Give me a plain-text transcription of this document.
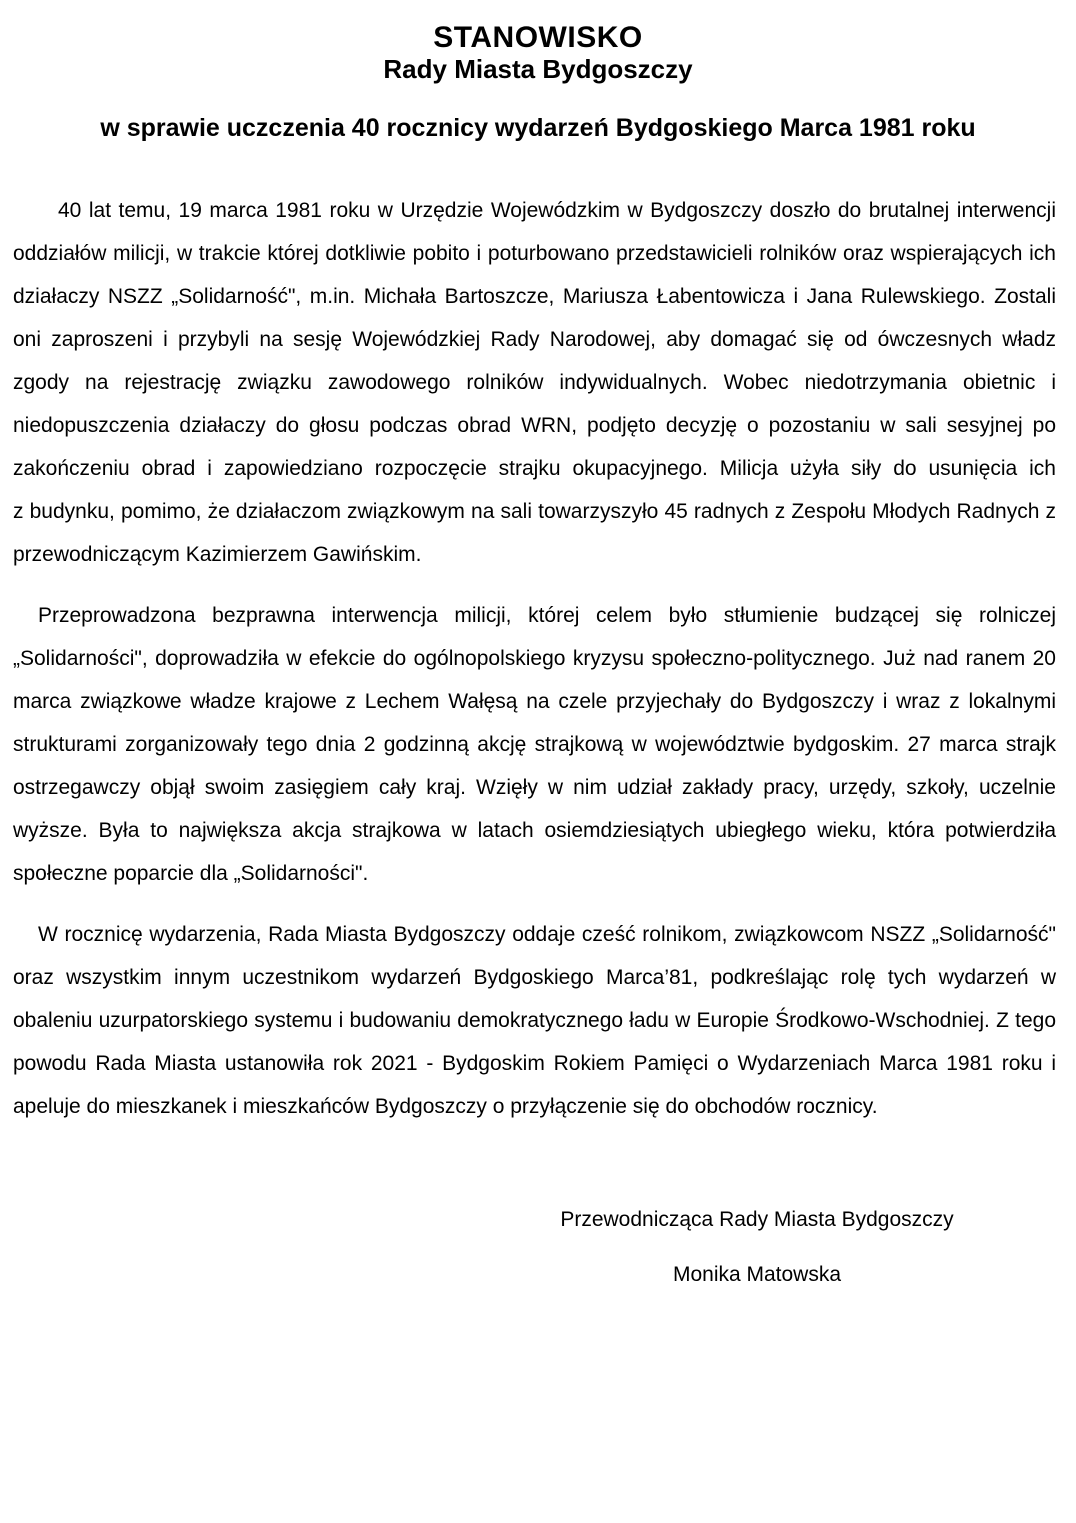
STANOWISKO
Rady Miasta Bydgoszczy
w sprawie uczczenia 40 rocznicy wydarzeń Bydgoskiego Marca 1981 roku

40 lat temu, 19 marca 1981 roku w Urzędzie Wojewódzkim w Bydgoszczy doszło do brutalnej interwencji oddziałów milicji, w trakcie której dotkliwie pobito i poturbowano przedstawicieli rolników oraz wspierających ich działaczy NSZZ „Solidarność", m.in. Michała Bartoszcze, Mariusza Łabentowicza i Jana Rulewskiego. Zostali oni zaproszeni i przybyli na sesję Wojewódzkiej Rady Narodowej, aby domagać się od ówczesnych władz zgody na rejestrację związku zawodowego rolników indywidualnych. Wobec niedotrzymania obietnic i niedopuszczenia działaczy do głosu podczas obrad WRN, podjęto decyzję o pozostaniu w sali sesyjnej po zakończeniu obrad i zapowiedziano rozpoczęcie strajku okupacyjnego. Milicja użyła siły do usunięcia ich z budynku, pomimo, że działaczom związkowym na sali towarzyszyło 45 radnych z Zespołu Młodych Radnych z przewodniczącym Kazimierzem Gawińskim.

Przeprowadzona bezprawna interwencja milicji, której celem było stłumienie budzącej się rolniczej „Solidarności", doprowadziła w efekcie do ogólnopolskiego kryzysu społeczno-politycznego. Już nad ranem 20 marca związkowe władze krajowe z Lechem Wałęsą na czele przyjechały do Bydgoszczy i wraz z lokalnymi strukturami zorganizowały tego dnia 2 godzinną akcję strajkową w województwie bydgoskim. 27 marca strajk ostrzegawczy objął swoim zasięgiem cały kraj. Wzięły w nim udział zakłady pracy, urzędy, szkoły, uczelnie wyższe. Była to największa akcja strajkowa w latach osiemdziesiątych ubiegłego wieku, która potwierdziła społeczne poparcie dla „Solidarności".

W rocznicę wydarzenia, Rada Miasta Bydgoszczy oddaje cześć rolnikom, związkowcom NSZZ „Solidarność" oraz wszystkim innym uczestnikom wydarzeń Bydgoskiego Marca’81, podkreślając rolę tych wydarzeń w obaleniu uzurpatorskiego systemu i budowaniu demokratycznego ładu w Europie Środkowo-Wschodniej. Z tego powodu Rada Miasta ustanowiła rok 2021 - Bydgoskim Rokiem Pamięci o Wydarzeniach Marca 1981 roku i apeluje do mieszkanek i mieszkańców Bydgoszczy o przyłączenie się do obchodów rocznicy.

Przewodnicząca Rady Miasta Bydgoszczy
Monika Matowska
